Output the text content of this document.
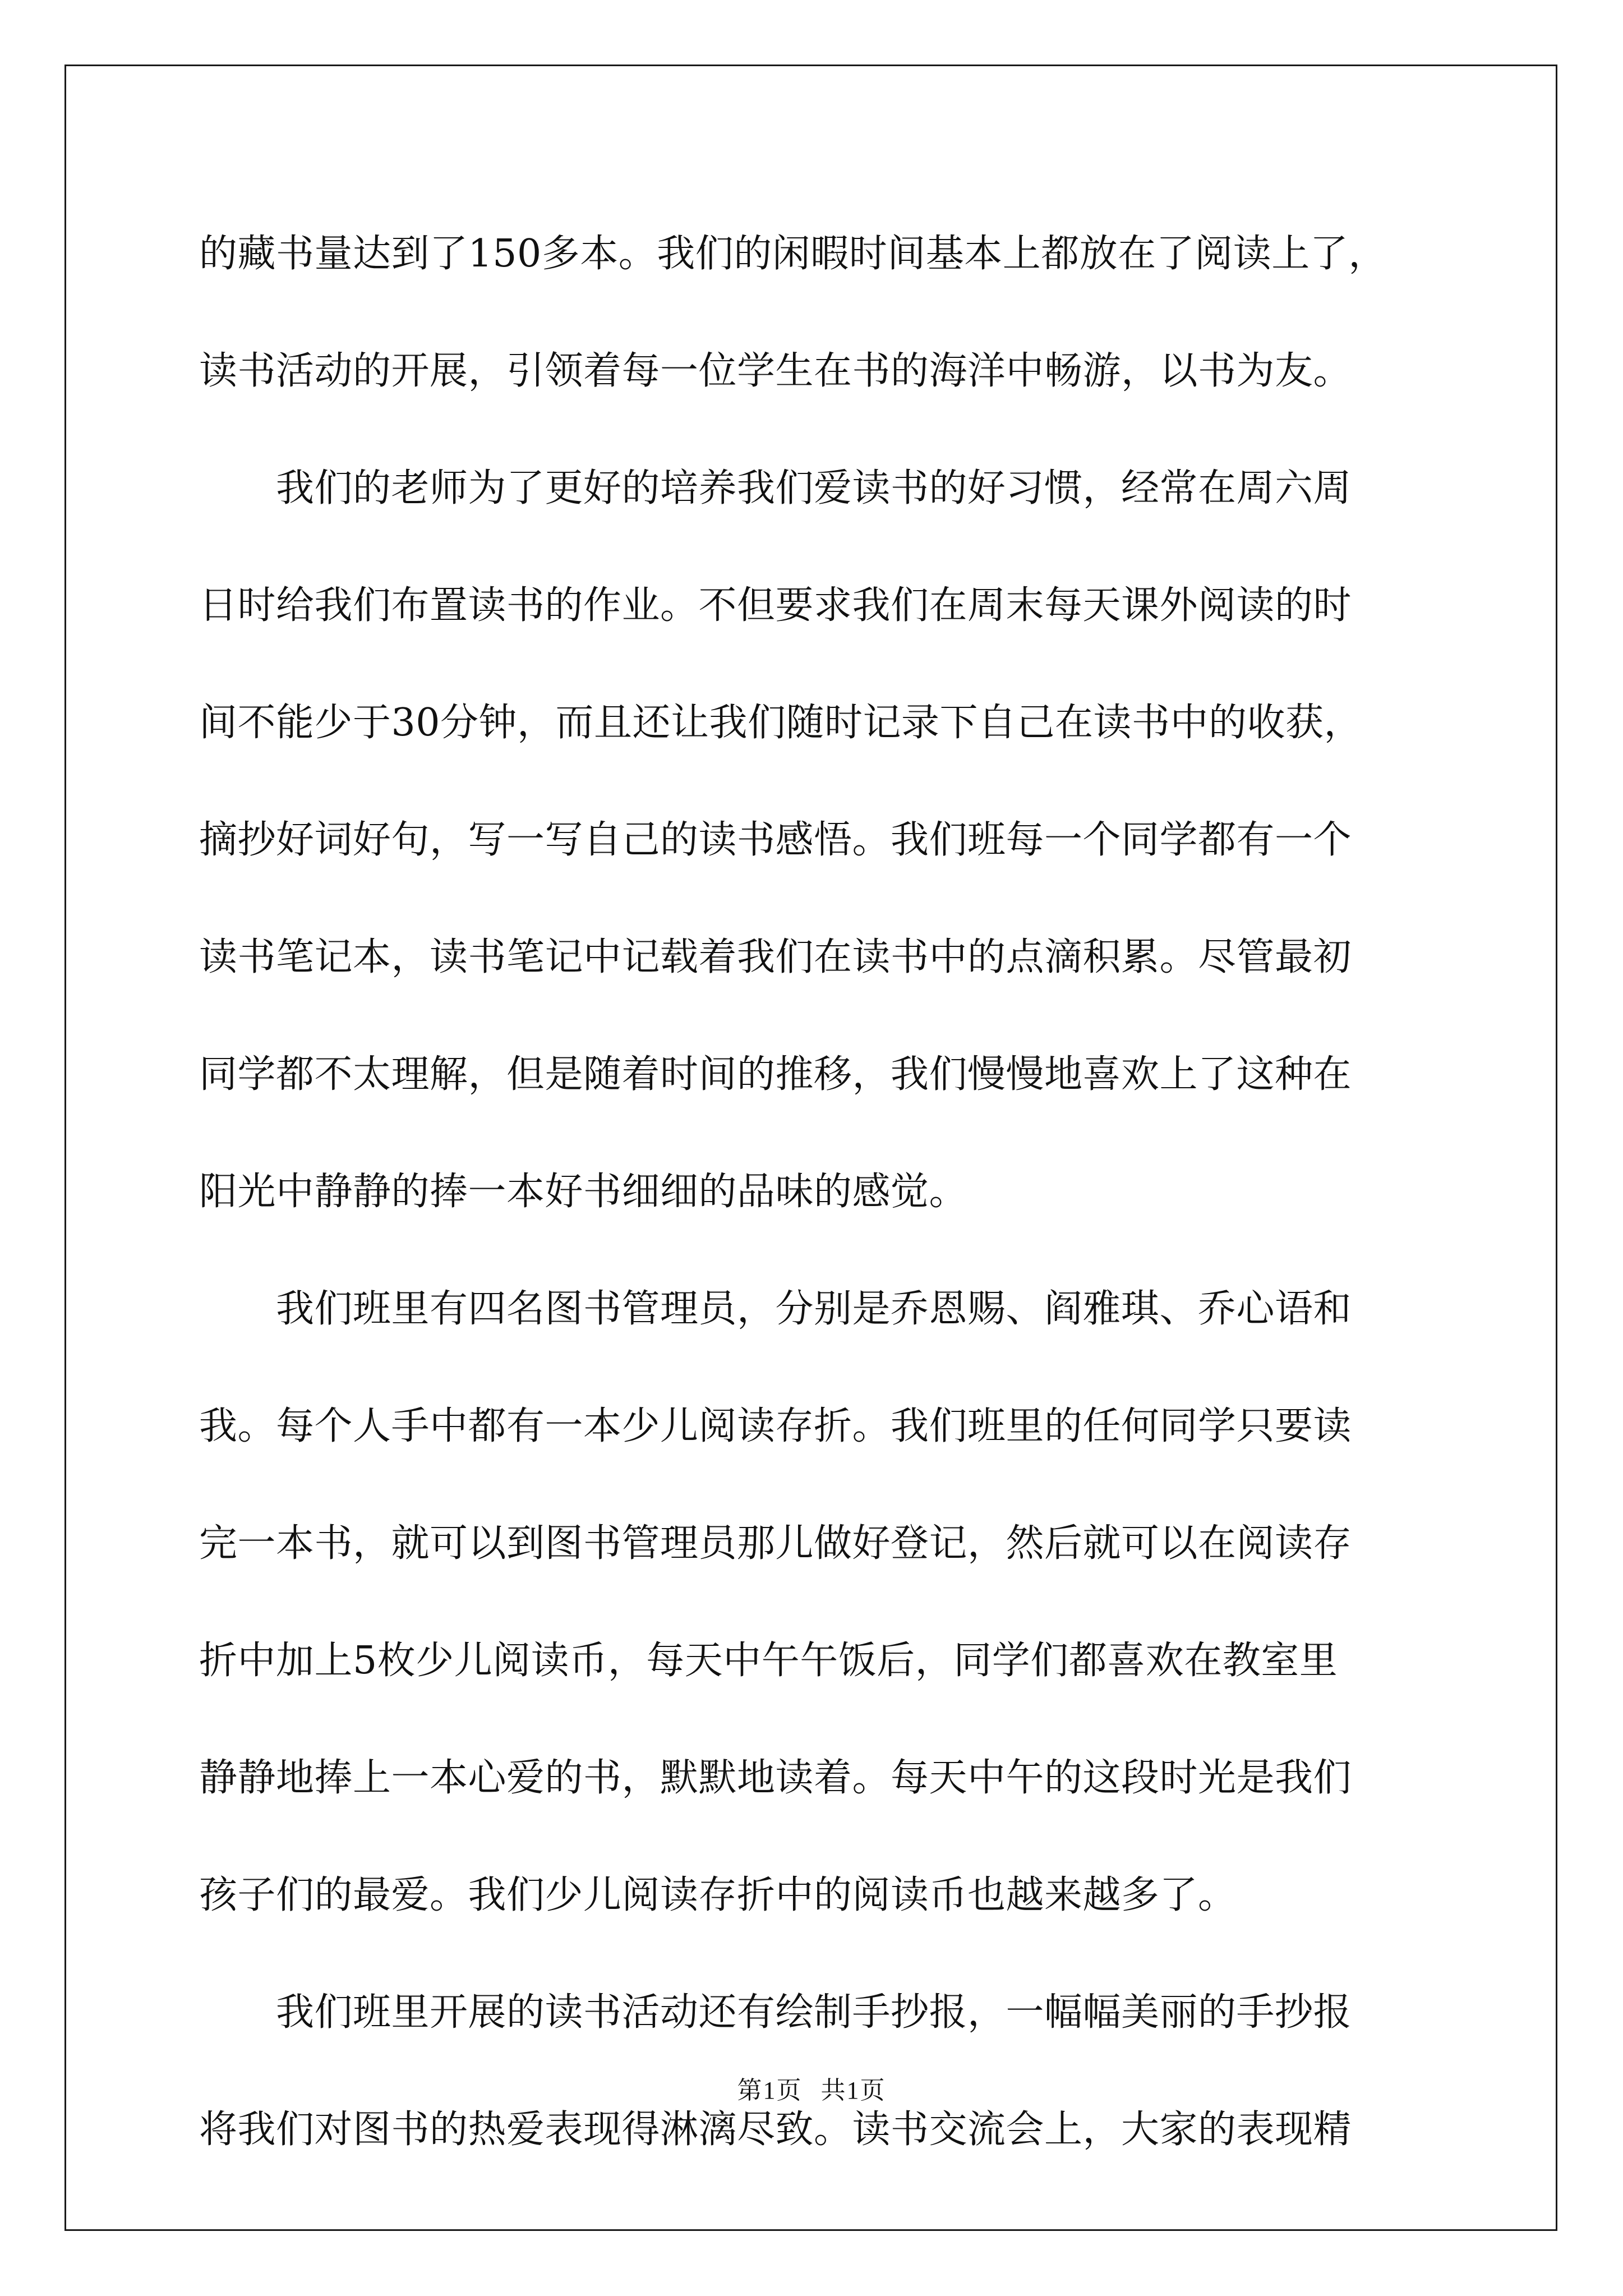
的藏书量达到了150多本。我们的闲暇时间基本上都放在了阅读上了，
读书活动的开展，引领着每一位学生在书的海洋中畅游，以书为友。
　　我们的老师为了更好的培养我们爱读书的好习惯，经常在周六周
日时给我们布置读书的作业。不但要求我们在周末每天课外阅读的时
间不能少于30分钟，而且还让我们随时记录下自己在读书中的收获，
摘抄好词好句，写一写自己的读书感悟。我们班每一个同学都有一个
读书笔记本，读书笔记中记载着我们在读书中的点滴积累。尽管最初
同学都不太理解，但是随着时间的推移，我们慢慢地喜欢上了这种在
阳光中静静的捧一本好书细细的品味的感觉。
　　我们班里有四名图书管理员，分别是乔恩赐、阎雅琪、乔心语和
我。每个人手中都有一本少儿阅读存折。我们班里的任何同学只要读
完一本书，就可以到图书管理员那儿做好登记，然后就可以在阅读存
折中加上5枚少儿阅读币，每天中午午饭后，同学们都喜欢在教室里
静静地捧上一本心爱的书，默默地读着。每天中午的这段时光是我们
孩子们的最爱。我们少儿阅读存折中的阅读币也越来越多了。
　　我们班里开展的读书活动还有绘制手抄报，一幅幅美丽的手抄报
将我们对图书的热爱表现得淋漓尽致。读书交流会上，大家的表现精
第1页 共1页
